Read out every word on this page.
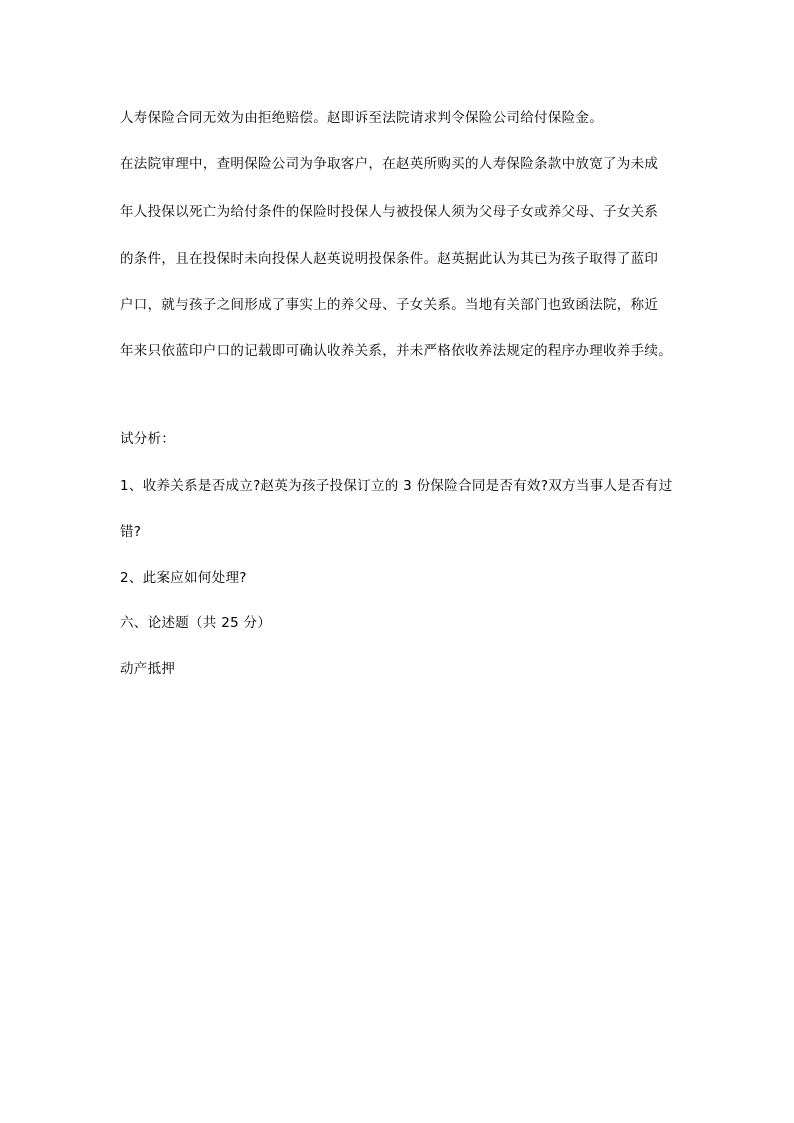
人寿保险合同无效为由拒绝赔偿。赵即诉至法院请求判令保险公司给付保险金。
在法院审理中，查明保险公司为争取客户，在赵英所购买的人寿保险条款中放宽了为未成
年人投保以死亡为给付条件的保险时投保人与被投保人须为父母子女或养父母、子女关系
的条件，且在投保时未向投保人赵英说明投保条件。赵英据此认为其已为孩子取得了蓝印
户口，就与孩子之间形成了事实上的养父母、子女关系。当地有关部门也致函法院，称近
年来只依蓝印户口的记载即可确认收养关系，并未严格依收养法规定的程序办理收养手续。
试分析：
1、收养关系是否成立?赵英为孩子投保订立的 3 份保险合同是否有效?双方当事人是否有过
错?
2、此案应如何处理?
六、论述题（共 25 分）
动产抵押
